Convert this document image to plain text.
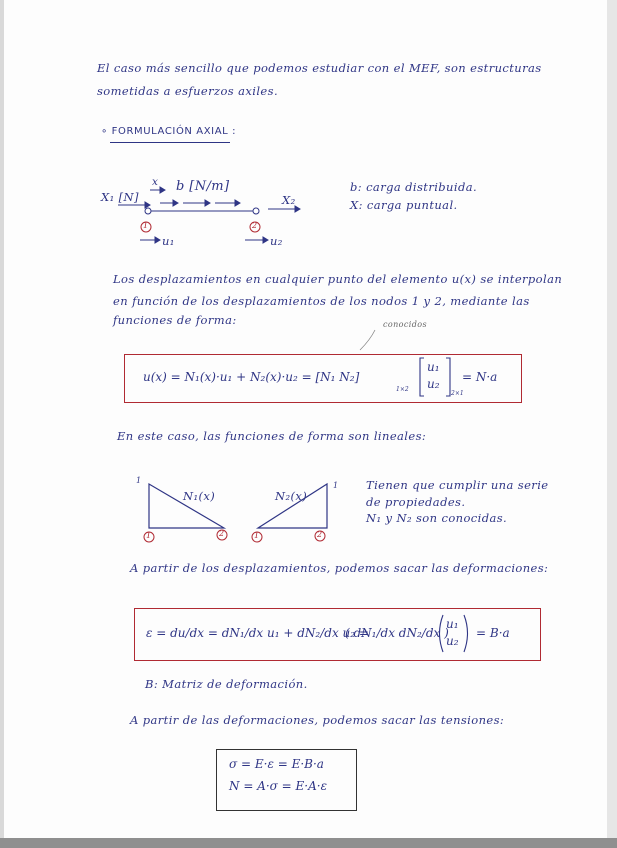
El caso más sencillo que podemos estudiar con el MEF, son estructuras
sometidas a esfuerzos axiles.
∘ FORMULACIÓN AXIAL :
X₁ [N]
x b [N/m]
X₂
1	2
u₁	u₂
b: carga distribuida.
X: carga puntual.
Los desplazamientos en cualquier punto del elemento u(x) se interpolan
en función de los desplazamientos de los nodos 1 y 2, mediante las
funciones de forma:	conocidos
u(x) = N₁(x)·u₁ + N₂(x)·u₂ = [N₁ N₂]
1×2
u₁
u₂
2×1
= N·a
En este caso, las funciones de forma son lineales:
1
1
N₁(x)	N₂(x)
1	2	1	2
Tienen que cumplir una serie
de propiedades.
N₁ y N₂ son conocidas.
A partir de los desplazamientos, podemos sacar las deformaciones:
ε = du/dx = dN₁/dx u₁ + dN₂/dx u₂ =
( dN₁/dx dN₂/dx )
u₁
u₂
= B·a
B: Matriz de deformación.
A partir de las deformaciones, podemos sacar las tensiones:
σ = E·ε = E·B·a
N = A·σ = E·A·ε
